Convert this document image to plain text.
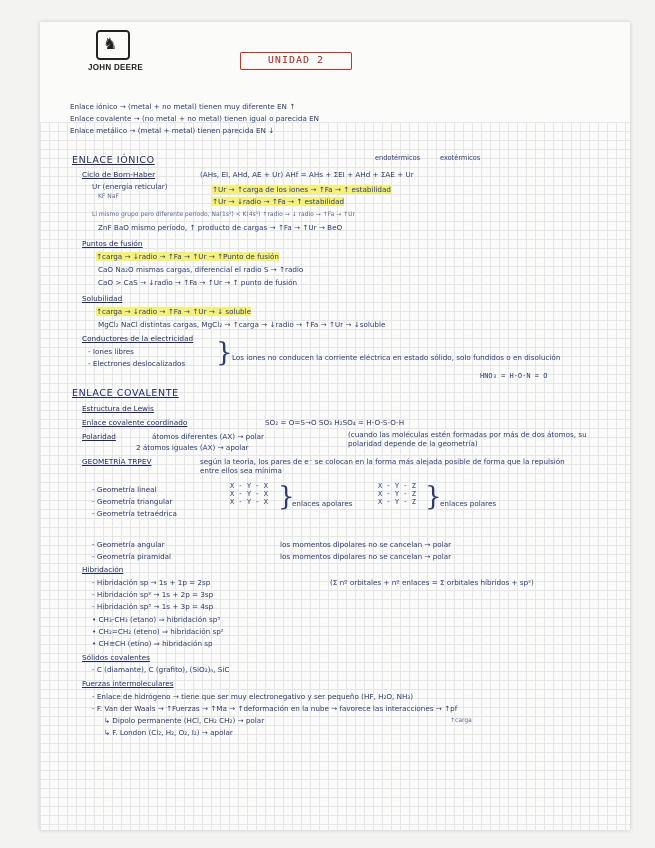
♞
JOHN DEERE
UNIDAD 2
Enlace iónico → (metal + no metal) tienen muy diferente EN ↑
Enlace covalente → (no metal + no metal) tienen igual o parecida EN
Enlace metálico → (metal + metal) tienen parecida EN ↓
ENLACE IÓNICO	endotérmicos	exotérmicos
Ciclo de Born-Haber	(AHs, EI, AHd, AE + Ur) AHf = AHs + ΣEI + AHd + ΣAE + Ur
Ur (energía reticular)	↑Ur → ↑carga de los iones → ↑Fa → ↑ estabilidad
KF NaF
↑Ur → ↓radio → ↑Fa → ↑ estabilidad
Li mismo grupo pero diferente período, Na(1s²) < K(4s¹) ↑radio → ↓ radio → ↑Fa → ↑Ur
ZnF BaO mismo período, ↑ producto de cargas → ↑Fa → ↑Ur → BeO
Puntos de fusión
↑carga → ↓radio → ↑Fa → ↑Ur → ↑Punto de fusión
CaO Na₂O mismas cargas, diferencial el radio S → ↑radio
CaO > CaS → ↓radio → ↑Fa → ↑Ur → ↑ punto de fusión
Solubilidad
↑carga → ↓radio → ↑Fa → ↑Ur → ↓ soluble
MgCl₂ NaCl distintas cargas, MgCl₂ → ↑carga → ↓radio → ↑Fa → ↑Ur → ↓soluble
Conductores de la electricidad
- Iones libres
- Electrones deslocalizados } Los iones no conducen la corriente eléctrica en estado sólido, solo fundidos o en disolución
ENLACE COVALENTE
HNO₃ = H-O-N = O
Estructura de Lewis
Enlace covalente coordinado	SO₂ = O=S→O SO₃ H₂SO₄ = H-O-S-O-H
Polaridad	átomos diferentes (AX) → polar
2 átomos iguales (AX) → apolar
(cuando las moléculas estén formadas por más de dos átomos, su polaridad depende de la geometría)
GEOMETRÍA TRPEV	según la teoría, los pares de e⁻ se colocan en la forma más alejada posible de forma que la repulsión entre ellos sea mínima
- Geometría lineal
- Geometría triangular
- Geometría tetraédrica
X - Y - X
X - Y - X
X - Y - X }
enlaces apolares
X - Y - Z
X - Y - Z
X - Y - Z }
enlaces polares
- Geometría angular
- Geometría piramidal
los momentos dipolares no se cancelan → polar
los momentos dipolares no se cancelan → polar
Hibridación
- Hibridación sp → 1s + 1p = 2sp
- Hibridación sp² → 1s + 2p = 3sp
- Hibridación sp³ → 1s + 3p = 4sp
• CH₃-CH₃ (etano) ⇒ hibridación sp³
• CH₂=CH₂ (eteno) ⇒ hibridación sp²
• CH≡CH (etino) ⇒ hibridación sp
(Σ nº orbitales + nº enlaces = Σ orbitales híbridos + sp²)
Sólidos covalentes
- C (diamante), C (grafito), (SiO₂)ₙ, SiC
Fuerzas intermoleculares
- Enlace de hidrógeno → tiene que ser muy electronegativo y ser pequeño (HF, H₂O, NH₃)
- F. Van der Waals → ↑Fuerzas → ↑Ma → ↑deformación en la nube → favorece las interacciones → ↑pf
↑carga
↳ Dipolo permanente (HCl, CH₂ CH₂) → polar
↳ F. London (Cl₂, H₂, O₂, I₂) → apolar
